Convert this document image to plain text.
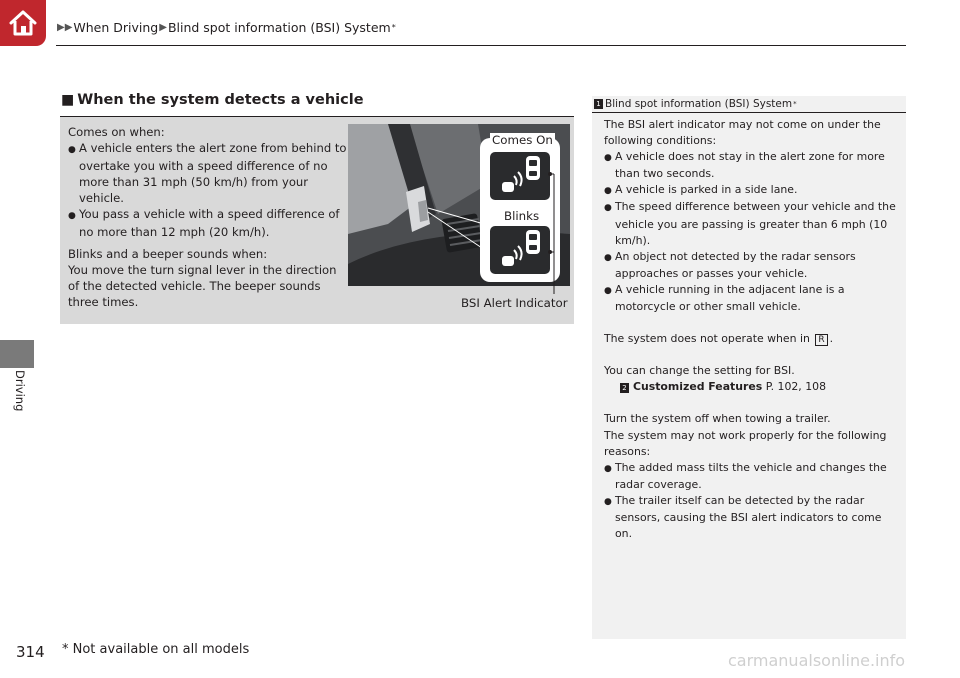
▶▶ When Driving ▶ Blind spot information (BSI) System *
Driving
■ When the system detects a vehicle

Comes on when:

● A vehicle enters the alert zone from behind to overtake you with a speed difference of no more than 31 mph (50 km/h) from your vehicle.

● You pass a vehicle with a speed difference of no more than 12 mph (20 km/h).

Blinks and a beeper sounds when:

You move the turn signal lever in the direction of the detected vehicle. The beeper sounds three times.

Comes On
Blinks
BSI Alert Indicator
1 Blind spot information (BSI) System *

The BSI alert indicator may not come on under the following conditions:

● A vehicle does not stay in the alert zone for more than two seconds.

● A vehicle is parked in a side lane.

● The speed difference between your vehicle and the vehicle you are passing is greater than 6 mph (10 km/h).

● An object not detected by the radar sensors approaches or passes your vehicle.

● A vehicle running in the adjacent lane is a motorcycle or other small vehicle.

The system does not operate when in R .

You can change the setting for BSI.

2 Customized Features P. 102, 108

Turn the system off when towing a trailer.

The system may not work properly for the following reasons:

● The added mass tilts the vehicle and changes the radar coverage.

● The trailer itself can be detected by the radar sensors, causing the BSI alert indicators to come on.

314 * Not available on all models
carmanualsonline.info
